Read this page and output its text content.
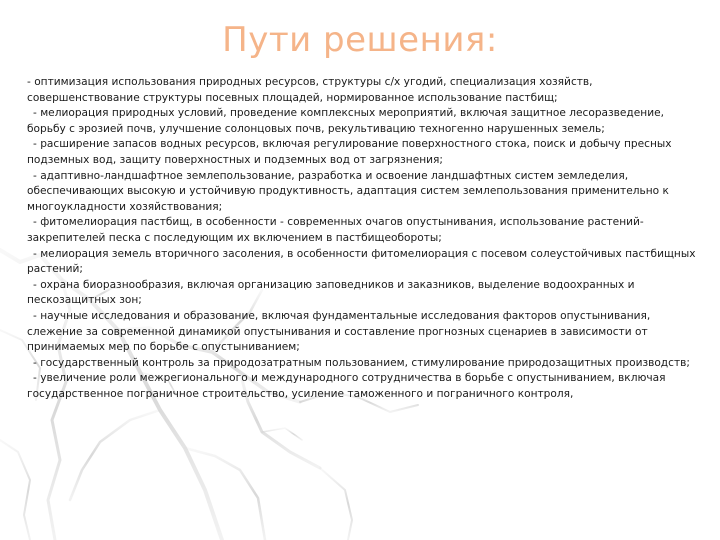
Пути решения:

- оптимизация использования природных ресурсов, структуры с/х угодий, специализация хозяйств, совершенствование структуры посевных площадей, нормированное использование пастбищ;

- мелиорация природных условий, проведение комплексных мероприятий, включая защитное лесоразведение, борьбу с эрозией почв, улучшение солонцовых почв, рекультивацию техногенно нарушенных земель;

- расширение запасов водных ресурсов, включая регулирование поверхностного стока, поиск и добычу пресных подземных вод, защиту поверхностных и подземных вод от загрязнения;

- адаптивно-ландшафтное землепользование, разработка и освоение ландшафтных систем земледелия, обеспечивающих высокую и устойчивую продуктивность, адаптация систем землепользования применительно к многоукладности хозяйствования;

- фитомелиорация пастбищ, в особенности - современных очагов опустынивания, использование растений-закрепителей песка с последующим их включением в пастбищеобороты;

- мелиорация земель вторичного засоления, в особенности фитомелиорация с посевом солеустойчивых пастбищных растений;

- охрана биоразнообразия, включая организацию заповедников и заказников, выделение водоохранных и пескозащитных зон;

- научные исследования и образование, включая фундаментальные исследования факторов опустынивания, слежение за современной динамикой опустынивания и составление прогнозных сценариев в зависимости от принимаемых мер по борьбе с опустыниванием;

- государственный контроль за природозатратным пользованием, стимулирование природозащитных производств;

- увеличение роли межрегионального и международного сотрудничества в борьбе с опустыниванием, включая государственное пограничное строительство, усиление таможенного и пограничного контроля,
